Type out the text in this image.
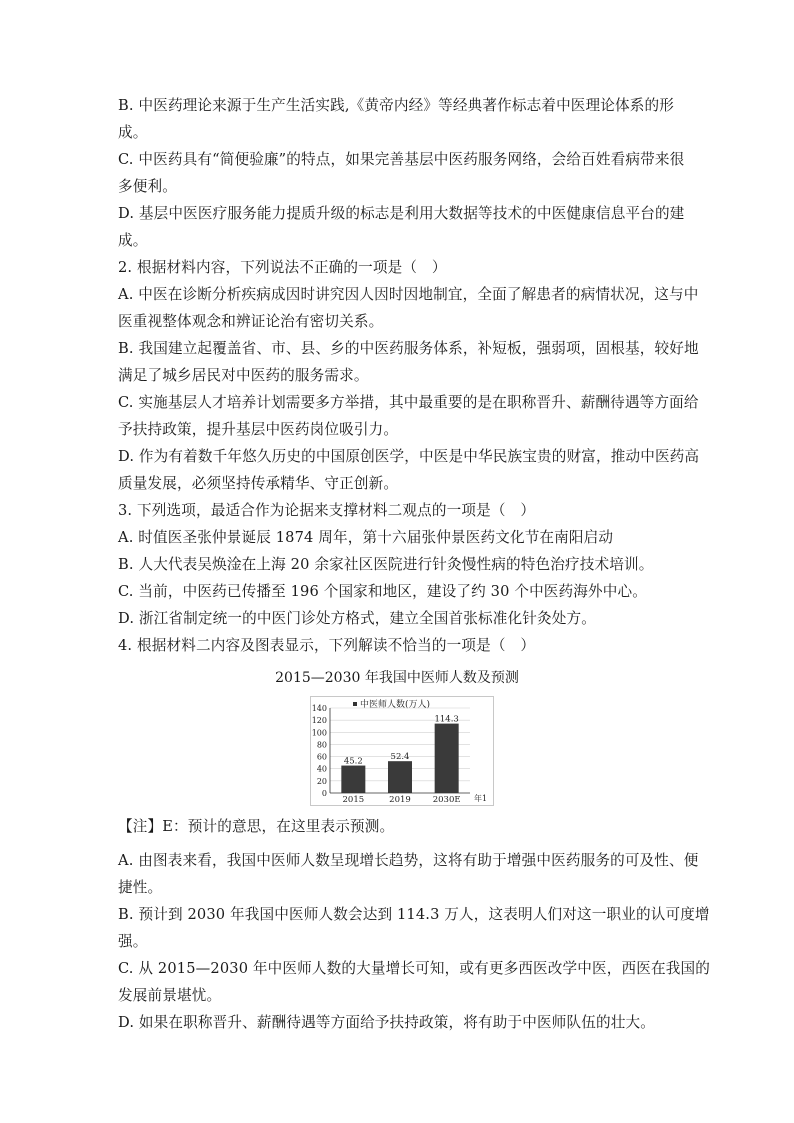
B. 中医药理论来源于生产生活实践,《黄帝内经》等经典著作标志着中医理论体系的形
成。
C. 中医药具有“简便验廉”的特点，如果完善基层中医药服务网络，会给百姓看病带来很
多便利。
D. 基层中医医疗服务能力提质升级的标志是利用大数据等技术的中医健康信息平台的建
成。
2. 根据材料内容，下列说法不正确的一项是（　）
A. 中医在诊断分析疾病成因时讲究因人因时因地制宜，全面了解患者的病情状况，这与中
医重视整体观念和辨证论治有密切关系。
B. 我国建立起覆盖省、市、县、乡的中医药服务体系，补短板，强弱项，固根基，较好地
满足了城乡居民对中医药的服务需求。
C. 实施基层人才培养计划需要多方举措，其中最重要的是在职称晋升、薪酬待遇等方面给
予扶持政策，提升基层中医药岗位吸引力。
D. 作为有着数千年悠久历史的中国原创医学，中医是中华民族宝贵的财富，推动中医药高
质量发展，必须坚持传承精华、守正创新。
3. 下列选项，最适合作为论据来支撑材料二观点的一项是（　）
A. 时值医圣张仲景诞辰 1874 周年，第十六届张仲景医药文化节在南阳启动
B. 人大代表吴焕淦在上海 20 余家社区医院进行针灸慢性病的特色治疗技术培训。
C. 当前，中医药已传播至 196 个国家和地区，建设了约 30 个中医药海外中心。
D. 浙江省制定统一的中医门诊处方格式，建立全国首张标准化针灸处方。
4. 根据材料二内容及图表显示，下列解读不恰当的一项是（　）
2015—2030 年我国中医师人数及预测
中医师人数(万人)
0
20
40
60
80
100
120
140
45.2	52.4
114.3
2015	2019	2030E 年1
【注】E：预计的意思，在这里表示预测。
A. 由图表来看，我国中医师人数呈现增长趋势，这将有助于增强中医药服务的可及性、便
捷性。
B. 预计到 2030 年我国中医师人数会达到 114.3 万人，这表明人们对这一职业的认可度增
强。
C. 从 2015—2030 年中医师人数的大量增长可知，或有更多西医改学中医，西医在我国的
发展前景堪忧。
D. 如果在职称晋升、薪酬待遇等方面给予扶持政策，将有助于中医师队伍的壮大。
